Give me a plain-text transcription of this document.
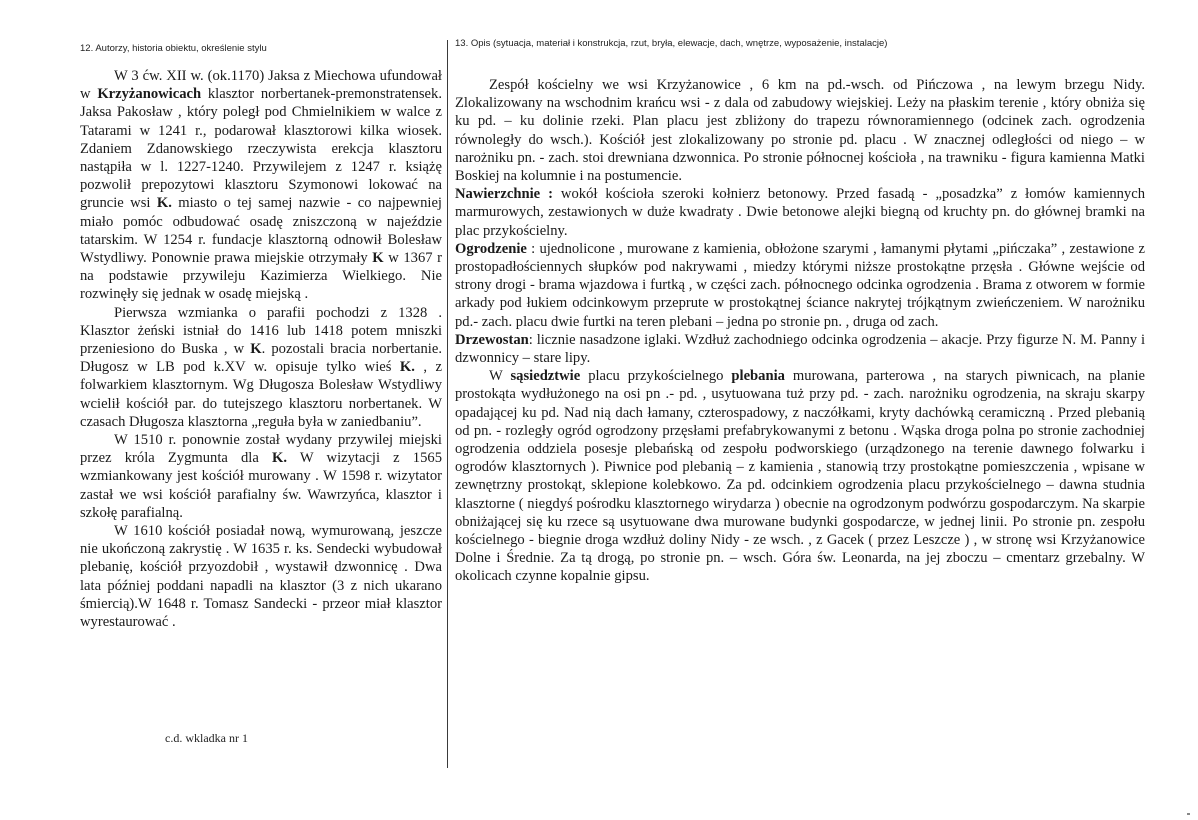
12. Autorzy, historia obiektu, określenie stylu	13. Opis (sytuacja, materiał i konstrukcja, rzut, bryła, elewacje, dach, wnętrze, wyposażenie, instalacje)

W 3 ćw. XII w. (ok.1170) Jaksa z Miechowa ufundował w Krzyżanowicach klasztor norbertanek-premonstratensek. Jaksa Pakosław , który poległ pod Chmielnikiem w walce z Tatarami w 1241 r., podarował klasztorowi kilka wiosek. Zdaniem Zdanowskiego rzeczywista erekcja klasztoru nastąpiła w l. 1227-1240. Przywilejem z 1247 r. książę pozwolił prepozytowi klasztoru Szymonowi lokować na gruncie wsi K. miasto o tej samej nazwie - co najpewniej miało pomóc odbudować osadę zniszczoną w najeździe tatarskim. W 1254 r. fundacje klasztorną odnowił Bolesław Wstydliwy. Ponownie prawa miejskie otrzymały K w 1367 r na podstawie przywileju Kazimierza Wielkiego. Nie rozwinęły się jednak w osadę miejską .

Pierwsza wzmianka o parafii pochodzi z 1328 . Klasztor żeński istniał do 1416 lub 1418 potem mniszki przeniesiono do Buska , w K. pozostali bracia norbertanie. Długosz w LB pod k.XV w. opisuje tylko wieś K. , z folwarkiem klasztornym. Wg Długosza Bolesław Wstydliwy wcielił kościół par. do tutejszego klasztoru norbertanek. W czasach Długosza klasztorna „reguła była w zaniedbaniu”.

W 1510 r. ponownie został wydany przywilej miejski przez króla Zygmunta dla K. W wizytacji z 1565 wzmiankowany jest kościół murowany . W 1598 r. wizytator zastał we wsi kościół parafialny św. Wawrzyńca, klasztor i szkołę parafialną.

W 1610 kościół posiadał nową, wymurowaną, jeszcze nie ukończoną zakrystię . W 1635 r. ks. Sendecki wybudował plebanię, kościół przyozdobił , wystawił dzwonnicę . Dwa lata później poddani napadli na klasztor (3 z nich ukarano śmiercią).W 1648 r. Tomasz Sandecki - przeor miał klasztor wyrestaurować .

c.d. wkladka nr 1

Zespół kościelny we wsi Krzyżanowice , 6 km na pd.-wsch. od Pińczowa , na lewym brzegu Nidy. Zlokalizowany na wschodnim krańcu wsi - z dala od zabudowy wiejskiej. Leży na płaskim terenie , który obniża się ku pd. – ku dolinie rzeki. Plan placu jest zbliżony do trapezu równoramiennego (odcinek zach. ogrodzenia równoległy do wsch.). Kościół jest zlokalizowany po stronie pd. placu . W znacznej odległości od niego – w narożniku pn. - zach. stoi drewniana dzwonnica. Po stronie północnej kościoła , na trawniku - figura kamienna Matki Boskiej na kolumnie i na postumencie.

Nawierzchnie : wokół kościoła szeroki kołnierz betonowy. Przed fasadą - „posadzka” z łomów kamiennych marmurowych, zestawionych w duże kwadraty . Dwie betonowe alejki biegną od kruchty pn. do głównej bramki na plac przykościelny.

Ogrodzenie : ujednolicone , murowane z kamienia, obłożone szarymi , łamanymi płytami „pińczaka” , zestawione z prostopadłościennych słupków pod nakrywami , miedzy którymi niższe prostokątne przęsła . Główne wejście od strony drogi - brama wjazdowa i furtką , w części zach. północnego odcinka ogrodzenia . Brama z otworem w formie arkady pod łukiem odcinkowym przeprute w prostokątnej ściance nakrytej trójkątnym zwieńczeniem. W narożniku pd.- zach. placu dwie furtki na teren plebani – jedna po stronie pn. , druga od zach.

Drzewostan: licznie nasadzone iglaki. Wzdłuż zachodniego odcinka ogrodzenia – akacje. Przy figurze N. M. Panny i dzwonnicy – stare lipy.

W sąsiedztwie placu przykościelnego plebania murowana, parterowa , na starych piwnicach, na planie prostokąta wydłużonego na osi pn .- pd. , usytuowana tuż przy pd. - zach. narożniku ogrodzenia, na skraju skarpy opadającej ku pd. Nad nią dach łamany, czterospadowy, z naczółkami, kryty dachówką ceramiczną . Przed plebanią od pn. - rozległy ogród ogrodzony przęsłami prefabrykowanymi z betonu . Wąska droga polna po stronie zachodniej ogrodzenia oddziela posesje plebańską od zespołu podworskiego (urządzonego na terenie dawnego folwarku i ogrodów klasztornych ). Piwnice pod plebanią – z kamienia , stanowią trzy prostokątne pomieszczenia , wpisane w zewnętrzny prostokąt, sklepione kolebkowo. Za pd. odcinkiem ogrodzenia placu przykościelnego – dawna studnia klasztorne ( niegdyś pośrodku klasztornego wirydarza ) obecnie na ogrodzonym podwórzu gospodarczym. Na skarpie obniżającej się ku rzece są usytuowane dwa murowane budynki gospodarcze, w jednej linii. Po stronie pn. zespołu kościelnego - biegnie droga wzdłuż doliny Nidy - ze wsch. , z Gacek ( przez Leszcze ) , w stronę wsi Krzyżanowice Dolne i Średnie. Za tą drogą, po stronie pn. – wsch. Góra św. Leonarda, na jej zboczu – cmentarz grzebalny. W okolicach czynne kopalnie gipsu.
